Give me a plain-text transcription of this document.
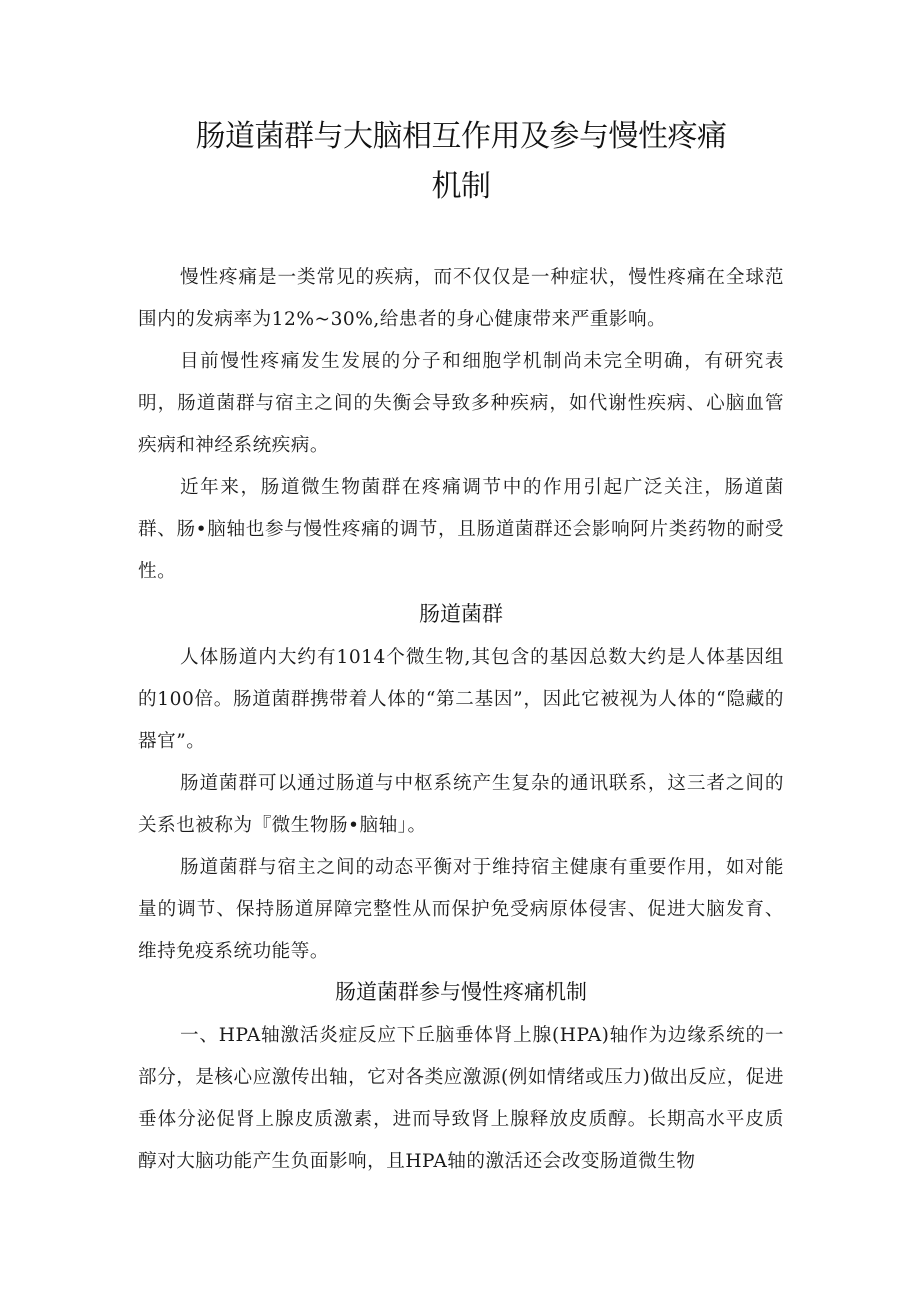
肠道菌群与大脑相互作用及参与慢性疼痛
机制

慢性疼痛是一类常见的疾病，而不仅仅是一种症状，慢性疼痛在全球范围内的发病率为12%~30%,给患者的身心健康带来严重影响。

目前慢性疼痛发生发展的分子和细胞学机制尚未完全明确，有研究表明，肠道菌群与宿主之间的失衡会导致多种疾病，如代谢性疾病、心脑血管疾病和神经系统疾病。

近年来，肠道微生物菌群在疼痛调节中的作用引起广泛关注，肠道菌群、肠•脑轴也参与慢性疼痛的调节，且肠道菌群还会影响阿片类药物的耐受性。

肠道菌群

人体肠道内大约有1014个微生物,其包含的基因总数大约是人体基因组的100倍。肠道菌群携带着人体的“第二基因”，因此它被视为人体的“隐藏的器官”。

肠道菌群可以通过肠道与中枢系统产生复杂的通讯联系，这三者之间的关系也被称为『微生物肠•脑轴」。

肠道菌群与宿主之间的动态平衡对于维持宿主健康有重要作用，如对能量的调节、保持肠道屏障完整性从而保护免受病原体侵害、促进大脑发育、维持免疫系统功能等。

肠道菌群参与慢性疼痛机制

一、HPA轴激活炎症反应下丘脑垂体肾上腺(HPA)轴作为边缘系统的一部分，是核心应激传出轴，它对各类应激源(例如情绪或压力)做出反应，促进垂体分泌促肾上腺皮质激素，进而导致肾上腺释放皮质醇。长期高水平皮质醇对大脑功能产生负面影响，且HPA轴的激活还会改变肠道微生物
